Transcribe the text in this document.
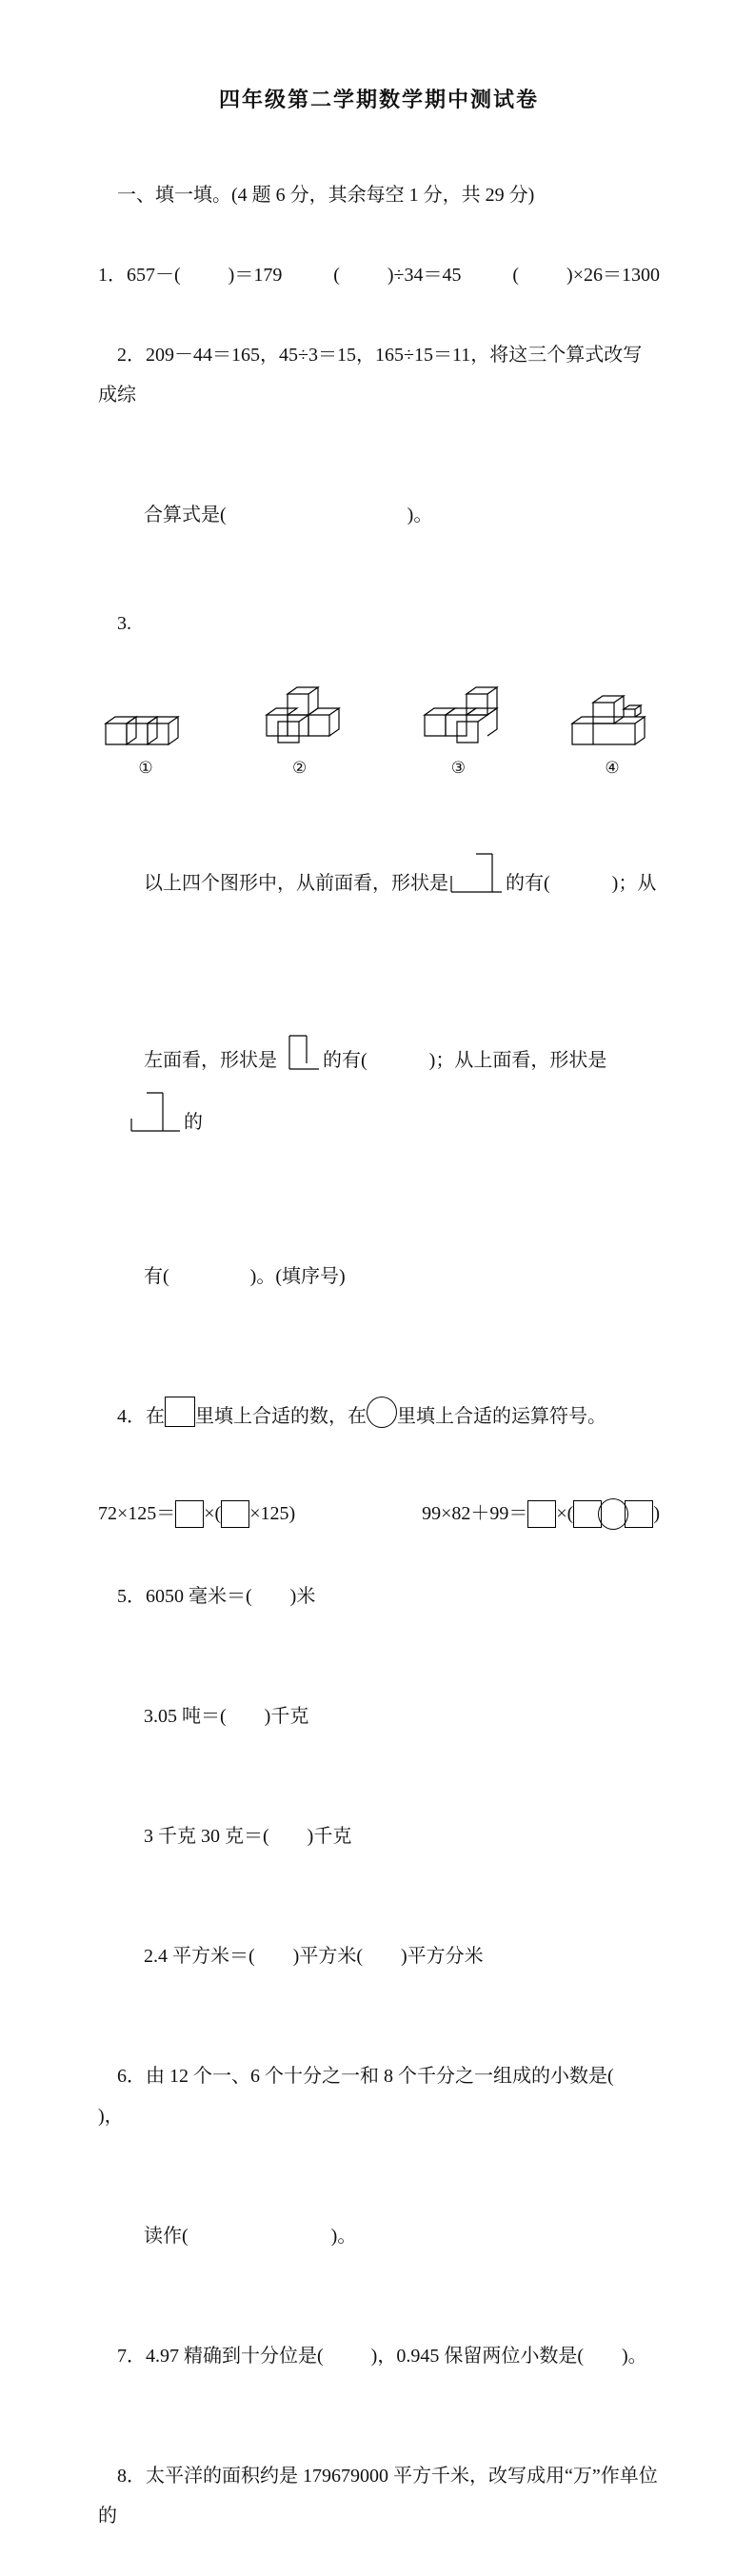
四年级第二学期数学期中测试卷

一、填一填。(4 题 6 分，其余每空 1 分，共 29 分)

1．657－(          )＝179	(          )÷34＝45	(          )×26＝1300

2．209－44＝165，45÷3＝15，165÷15＝11，将这三个算式改写成综

合算式是(                                      )。

3.

①	②	③	④

以上四个图形中，从前面看，形状是	的有(             )；从

左面看，形状是 的有(             )；从上面看，形状是的

有(                 )。(填序号)

4．在 里填上合适的数，在 里填上合适的运算符号。

72×125＝ ×( ×125)	99×82＋99＝ ×(	)

5．6050 毫米＝(        )米

3.05 吨＝(        )千克

3 千克 30 克＝(        )千克

2.4 平方米＝(        )平方米(        )平方分米

6．由 12 个一、6 个十分之一和 8 个千分之一组成的小数是(           )，

读作(                              )。

7．4.97 精确到十分位是(          )，0.945 保留两位小数是(        )。

8．太平洋的面积约是 179679000 平方千米，改写成用“万”作单位的
